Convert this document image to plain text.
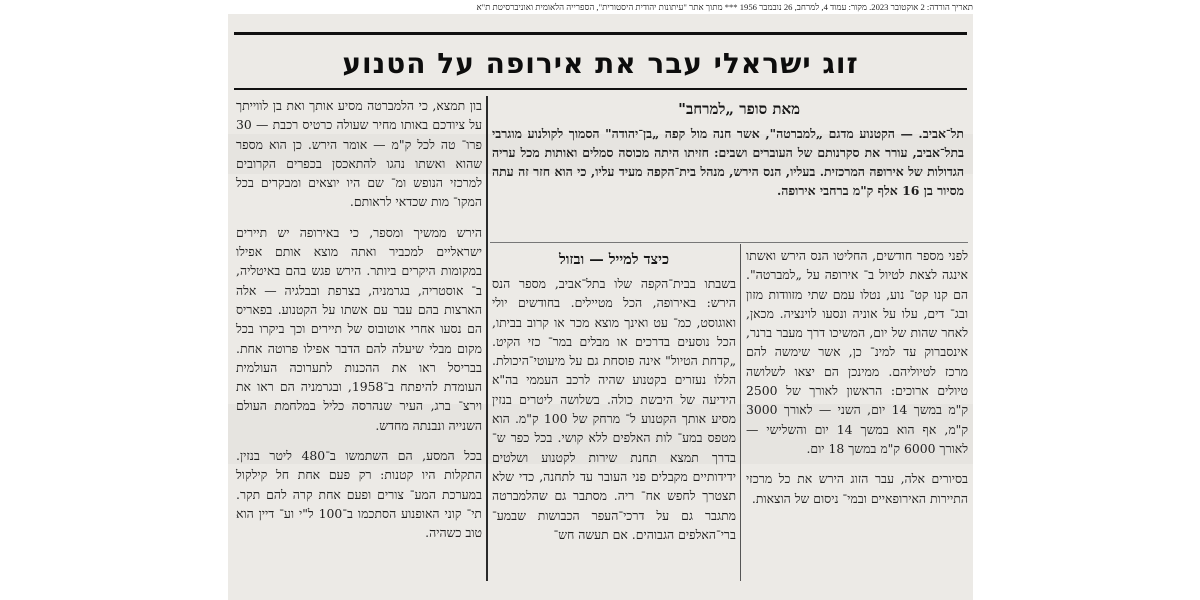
תאריך הורדה: 2 אוקטובר 2023. מקור: עמוד 4, למרחב, 26 נובמבר 1956 *** מתוך אתר "עיתונות יהודית היסטורית", הספרייה הלאומית ואוניברסיטת ת"א
זוג ישראלי עבר את אירופה על הטנוע
מאת סופר „למרחב"

תל־אביב. — הקטנוע מדגם „למברטה", אשר חנה מול קפה „בן־יהודה" הסמוך לקולנוע מוגרבי בתל־אביב, עורר את סקרנותם של העוברים ושבים: חזיתו היתה מכוסה סמלים ואותות מכל עריה הגדולות של אירופה המרכזית. בעליו, הנס הירש, מנהל בית־הקפה מעיד עליו, כי הוא חזר זה עתה מסיור בן 16 אלף ק"מ ברחבי אירופה.

לפני מספר חודשים, החליטו הנס הירש ואשתו אינגה לצאת לטיול ב־ אירופה על „למברטה". הם קנו קט־ נוע, נטלו עמם שתי מזוודות מזון ובג־ דים, עלו על אוניה ונסעו לוינציה. מכאן, לאחר שהות של יום, המשיכו דרך מעבר ברנר, אינסברוק עד למינ־ כן, אשר שימשה להם מרכז לטיוליהם. ממינכן הם יצאו לשלושה טיולים ארוכים: הראשון לאורך של 2500 ק"מ במשך 14 יום, השני — לאורך 3000 ק"מ, אף הוא במשך 14 יום והשלישי — לאורך 6000 ק"מ במשך 18 יום.

בסיורים אלה, עבר הזוג הירש את כל מרכזי התיירות האירופאיים ובמי־ ניסום של הוצאות.

כיצד למייל — ובזול

בשבתו בבית־הקפה שלו בתל־אביב, מספר הנס הירש: באירופה, הכל מטיילים. בחודשים יולי ואוגוסט, כמ־ עט ואינך מוצא מכר או קרוב בביתו, הכל נוסעים בדרכים או מבלים במר־ כזי הקיט. „קדחת הטיול" אינה פוסחת גם על מיעוטי־היכולת. הללו נעזרים בקטנוע שהיה לרכב העממי בה"א הידיעה של היבשת כולה. בשלושה ליטרים בנזין מסיע אותך הקטנוע ל־ מרחק של 100 ק"מ. הוא מטפס במע־ לות האלפים ללא קושי. בכל כפר ש־ בדרך תמצא תחנת שירות לקטנוע ושלטים ידידותיים מקבלים פני העובר עד לתחנה, כדי שלא תצטרך לחפש אח־ ריה. מסתבר גם שהלמברטה מתגבר גם על דרכי־העפר הכבושות שבמע־ ברי־האלפים הגבוהים. אם תעשה חש־

בון תמצא, כי הלמברטה מסיע אותך ואת בן לווייתך על ציודכם באותו מחיר שעולה כרטיס רכבת — 30 פרו־ טה לכל ק"מ — אומר הירש. כן הוא מספר שהוא ואשתו נהגו להתאכסן בכפרים הקרובים למרכזי הנופש ומ־ שם היו יוצאים ומבקרים בכל המקו־ מות שכדאי לראותם.

הירש ממשיך ומספר, כי באירופה יש תיירים ישראליים למכביר ואתה מוצא אותם אפילו במקומות היקרים ביותר. הירש פגש בהם באיטליה, ב־ אוסטריה, בגרמניה, בצרפת ובבלגיה — אלה הארצות בהם עבר עם אשתו על הקטנוע. בפאריס הם נסעו אחרי אוטובוס של תיירים וכך ביקרו בכל מקום מבלי שיעלה להם הדבר אפילו פרוטה אחת. בבריסל ראו את ההכנות לתערוכה העולמית העומדת להיפתח ב־1958, ובגרמניה הם ראו את וירצ־ ברג, העיר שנהרסה כליל במלחמת העולם השנייה ונבנתה מחדש.

בכל המסע, הם השתמשו ב־480 ליטר בנזין. התקלות היו קטנות: רק פעם אחת חל קילקול במערכת המע־ צורים ופעם אחת קרה להם תקר. תי־ קוני האופנוע הסתכמו ב־100 ל"י וע־ דיין הוא טוב כשהיה.
